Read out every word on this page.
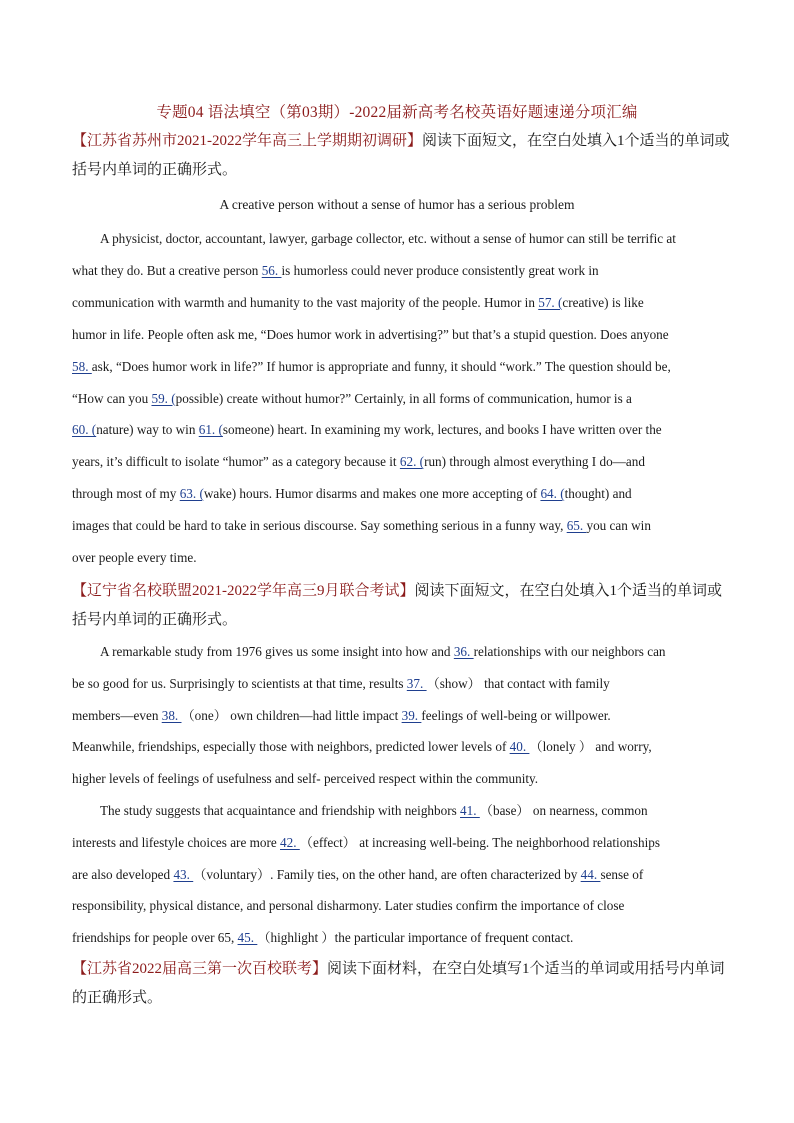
专题04 语法填空（第03期）-2022届新高考名校英语好题速递分项汇编
【江苏省苏州市2021-2022学年高三上学期期初调研】阅读下面短文，在空白处填入1个适当的单词或括号内单词的正确形式。
A creative person without a sense of humor has a serious problem
A physicist, doctor, accountant, lawyer, garbage collector, etc. without a sense of humor can still be terrific at
what they do. But a creative person 56. is humorless could never produce consistently great work in
communication with warmth and humanity to the vast majority of the people. Humor in 57. (creative) is like
humor in life. People often ask me, “Does humor work in advertising?” but that’s a stupid question. Does anyone
58. ask, “Does humor work in life?” If humor is appropriate and funny, it should “work.” The question should be,
“How can you 59. (possible) create without humor?” Certainly, in all forms of communication, humor is a
60. (nature) way to win 61. (someone) heart. In examining my work, lectures, and books I have written over the
years, it’s difficult to isolate “humor” as a category because it 62. (run) through almost everything I do—and
through most of my 63. (wake) hours. Humor disarms and makes one more accepting of 64. (thought) and
images that could be hard to take in serious discourse. Say something serious in a funny way, 65. you can win
over people every time.
【辽宁省名校联盟2021-2022学年高三9月联合考试】阅读下面短文，在空白处填入1个适当的单词或括号内单词的正确形式。
A remarkable study from 1976 gives us some insight into how and 36. relationships with our neighbors can
be so good for us. Surprisingly to scientists at that time, results 37. （show） that contact with family
members—even 38. （one） own children—had little impact 39. feelings of well-being or willpower.
Meanwhile, friendships, especially those with neighbors, predicted lower levels of 40. （lonely ） and worry,
higher levels of feelings of usefulness and self- perceived respect within the community.
The study suggests that acquaintance and friendship with neighbors 41. （base） on nearness, common
interests and lifestyle choices are more 42. （effect） at increasing well-being. The neighborhood relationships
are also developed 43. （voluntary）. Family ties, on the other hand, are often characterized by 44. sense of
responsibility, physical distance, and personal disharmony. Later studies confirm the importance of close
friendships for people over 65, 45. （highlight ）the particular importance of frequent contact.
【江苏省2022届高三第一次百校联考】阅读下面材料，在空白处填写1个适当的单词或用括号内单词的正确形式。
